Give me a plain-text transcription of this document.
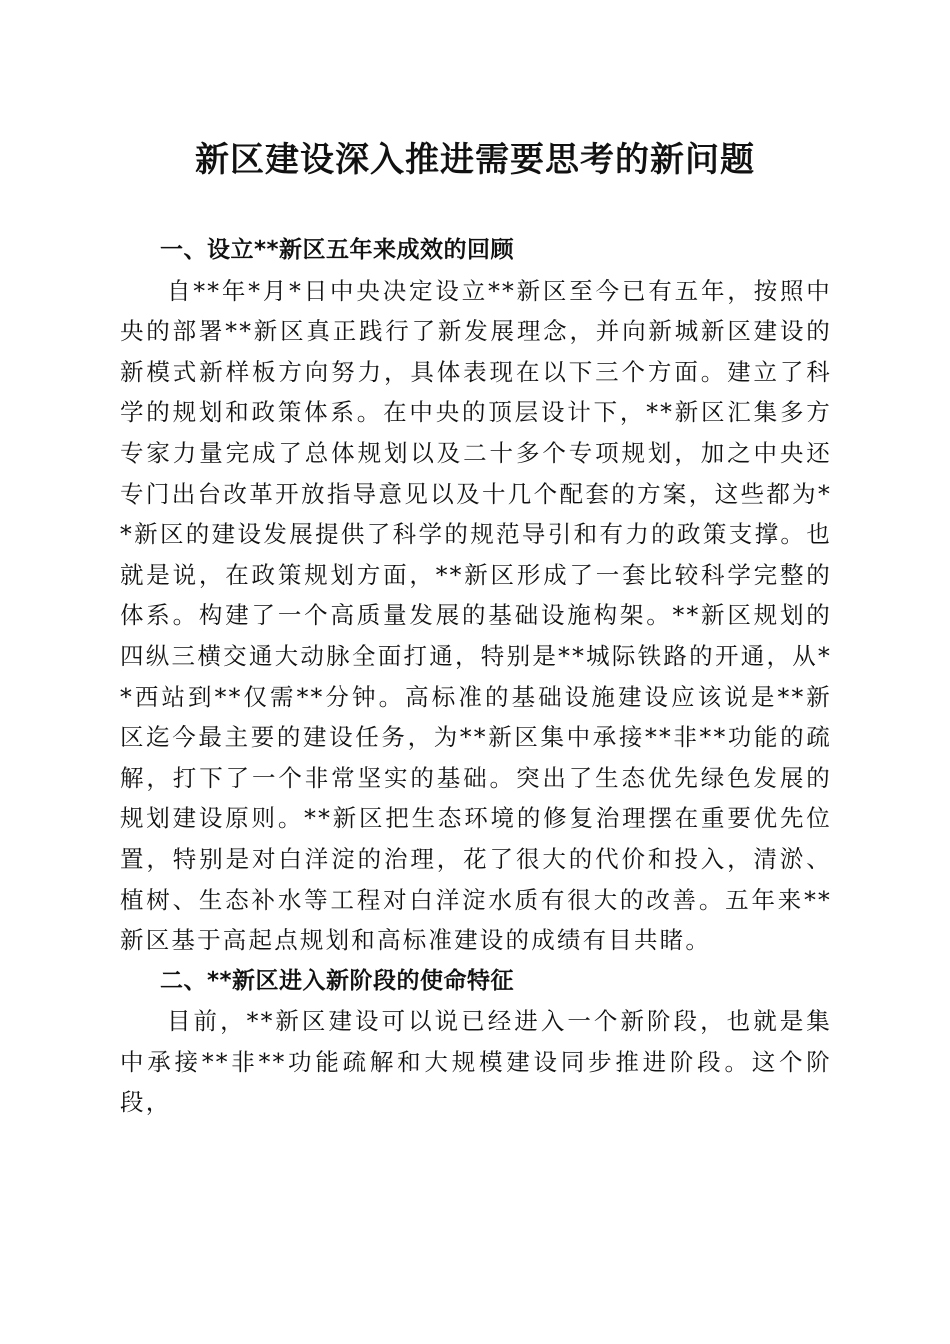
新区建设深入推进需要思考的新问题
一、设立**新区五年来成效的回顾

自**年*月*日中央决定设立**新区至今已有五年，按照中央的部署**新区真正践行了新发展理念，并向新城新区建设的新模式新样板方向努力，具体表现在以下三个方面。建立了科学的规划和政策体系。在中央的顶层设计下，**新区汇集多方专家力量完成了总体规划以及二十多个专项规划，加之中央还专门出台改革开放指导意见以及十几个配套的方案，这些都为**新区的建设发展提供了科学的规范导引和有力的政策支撑。也就是说，在政策规划方面，**新区形成了一套比较科学完整的体系。构建了一个高质量发展的基础设施构架。**新区规划的四纵三横交通大动脉全面打通，特别是**城际铁路的开通，从**西站到**仅需**分钟。高标准的基础设施建设应该说是**新区迄今最主要的建设任务，为**新区集中承接**非**功能的疏解，打下了一个非常坚实的基础。突出了生态优先绿色发展的规划建设原则。**新区把生态环境的修复治理摆在重要优先位置，特别是对白洋淀的治理，花了很大的代价和投入，清淤、植树、生态补水等工程对白洋淀水质有很大的改善。五年来**新区基于高起点规划和高标准建设的成绩有目共睹。

二、**新区进入新阶段的使命特征

目前，**新区建设可以说已经进入一个新阶段，也就是集中承接**非**功能疏解和大规模建设同步推进阶段。这个阶段，
